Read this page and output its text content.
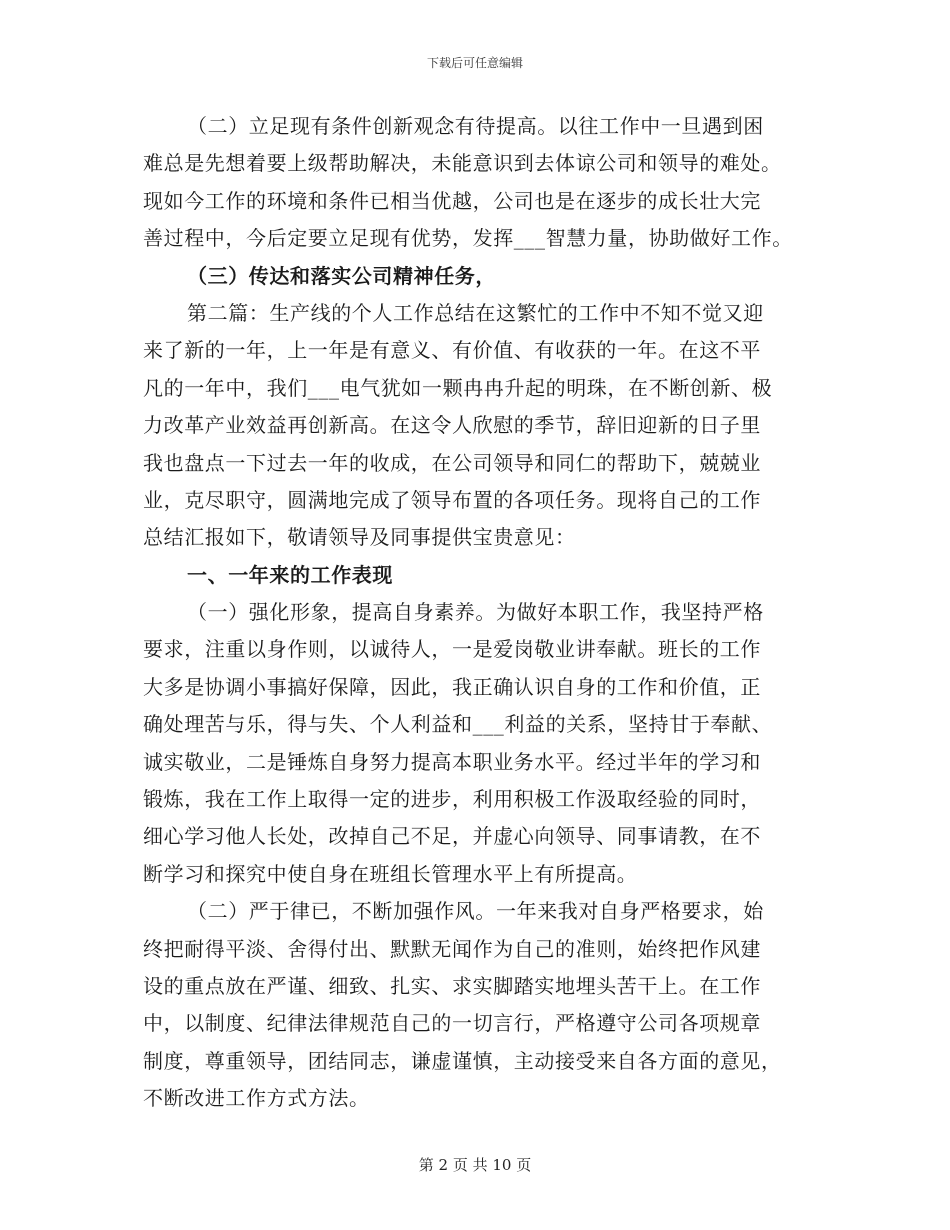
下载后可任意编辑
（二）立足现有条件创新观念有待提高。以往工作中一旦遇到困
难总是先想着要上级帮助解决，未能意识到去体谅公司和领导的难处。
现如今工作的环境和条件已相当优越，公司也是在逐步的成长壮大完
善过程中，今后定要立足现有优势，发挥___智慧力量，协助做好工作。
（三）传达和落实公司精神任务，
第二篇：生产线的个人工作总结在这繁忙的工作中不知不觉又迎
来了新的一年，上一年是有意义、有价值、有收获的一年。在这不平
凡的一年中，我们___电气犹如一颗冉冉升起的明珠，在不断创新、极
力改革产业效益再创新高。在这令人欣慰的季节，辞旧迎新的日子里
我也盘点一下过去一年的收成，在公司领导和同仁的帮助下，兢兢业
业，克尽职守，圆满地完成了领导布置的各项任务。现将自己的工作
总结汇报如下，敬请领导及同事提供宝贵意见：
一、一年来的工作表现
（一）强化形象，提高自身素养。为做好本职工作，我坚持严格
要求，注重以身作则，以诚待人，一是爱岗敬业讲奉献。班长的工作
大多是协调小事搞好保障，因此，我正确认识自身的工作和价值，正
确处理苦与乐，得与失、个人利益和___利益的关系，坚持甘于奉献、
诚实敬业，二是锤炼自身努力提高本职业务水平。经过半年的学习和
锻炼，我在工作上取得一定的进步，利用积极工作汲取经验的同时，
细心学习他人长处，改掉自己不足，并虚心向领导、同事请教，在不
断学习和探究中使自身在班组长管理水平上有所提高。
（二）严于律已，不断加强作风。一年来我对自身严格要求，始
终把耐得平淡、舍得付出、默默无闻作为自己的准则，始终把作风建
设的重点放在严谨、细致、扎实、求实脚踏实地埋头苦干上。在工作
中，以制度、纪律法律规范自己的一切言行，严格遵守公司各项规章
制度，尊重领导，团结同志，谦虚谨慎，主动接受来自各方面的意见，
不断改进工作方式方法。
第 2 页 共 10 页
